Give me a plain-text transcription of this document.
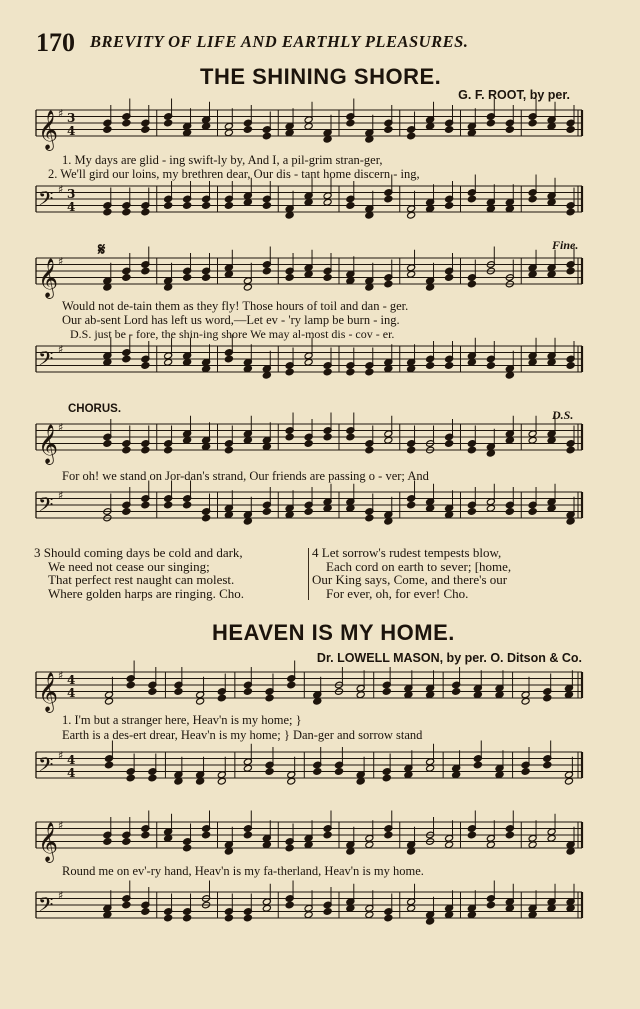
170 BREVITY OF LIFE AND EARTHLY PLEASURES.
THE SHINING SHORE.
G. F. ROOT, by per.
𝄞 ♯ 3
4
1. My days are glid - ing swift-ly by, And I, a pil-grim stran-ger,
2. We'll gird our loins, my brethren dear, Our dis - tant home discern - ing,
𝄢 ♯ 3
4
𝄋	Fine.
𝄞 ♯
Would not de-tain them as they fly! Those hours of toil and dan - ger.
Our ab-sent Lord has left us word,—Let ev - 'ry lamp be burn - ing.
D.S. just be - fore, the shin-ing shore We may al-most dis - cov - er.
𝄢 ♯
CHORUS.	D.S.
𝄞 ♯
For oh! we stand on Jor-dan's strand, Our friends are passing o - ver; And
𝄢 ♯
3 Should coming days be cold and dark,
We need not cease our singing;
That perfect rest naught can molest.
Where golden harps are ringing. Cho.
4 Let sorrow's rudest tempests blow,
Each cord on earth to sever; [home,
Our King says, Come, and there's our
For ever, oh, for ever! Cho.
HEAVEN IS MY HOME.
Dr. LOWELL MASON, by per. O. Ditson & Co.
𝄞 ♯ 4
4
1. I'm but a stranger here, Heav'n is my home; }
Earth is a des-ert drear, Heav'n is my home; } Dan-ger and sorrow stand
𝄢 ♯ 4
4
𝄞 ♯
Round me on ev'-ry hand, Heav'n is my fa-therland, Heav'n is my home.
𝄢 ♯
